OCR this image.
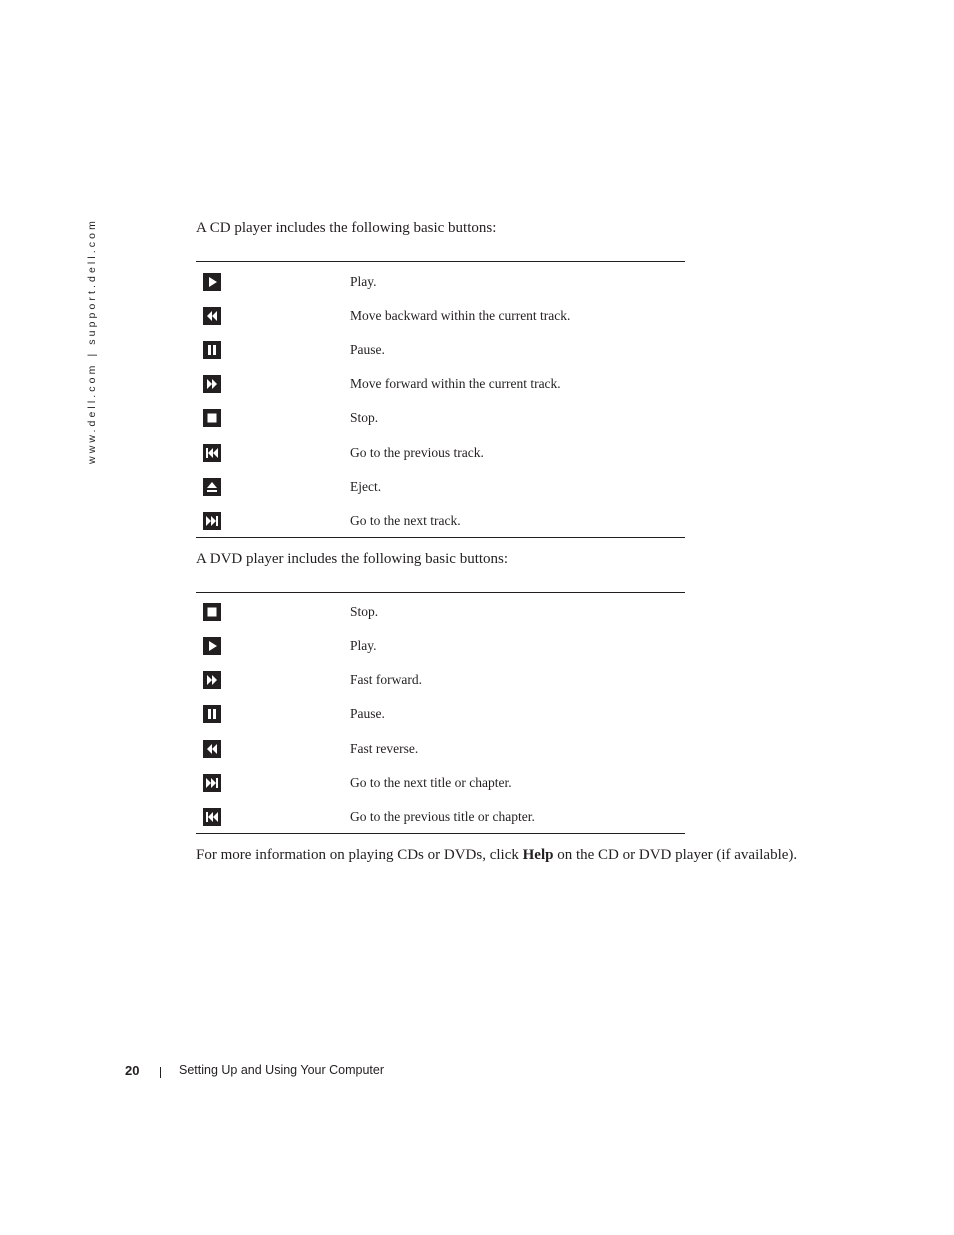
www.dell.com | support.dell.com	A CD player includes the following basic buttons:

Play.
Move backward within the current track.
Pause.
Move forward within the current track.
Stop.
Go to the previous track.
Eject.
Go to the next track.

A DVD player includes the following basic buttons:

Stop.
Play.
Fast forward.
Pause.
Fast reverse.
Go to the next title or chapter.
Go to the previous title or chapter.

For more information on playing CDs or DVDs, click Help on the CD or DVD player (if available).

20	Setting Up and Using Your Computer
